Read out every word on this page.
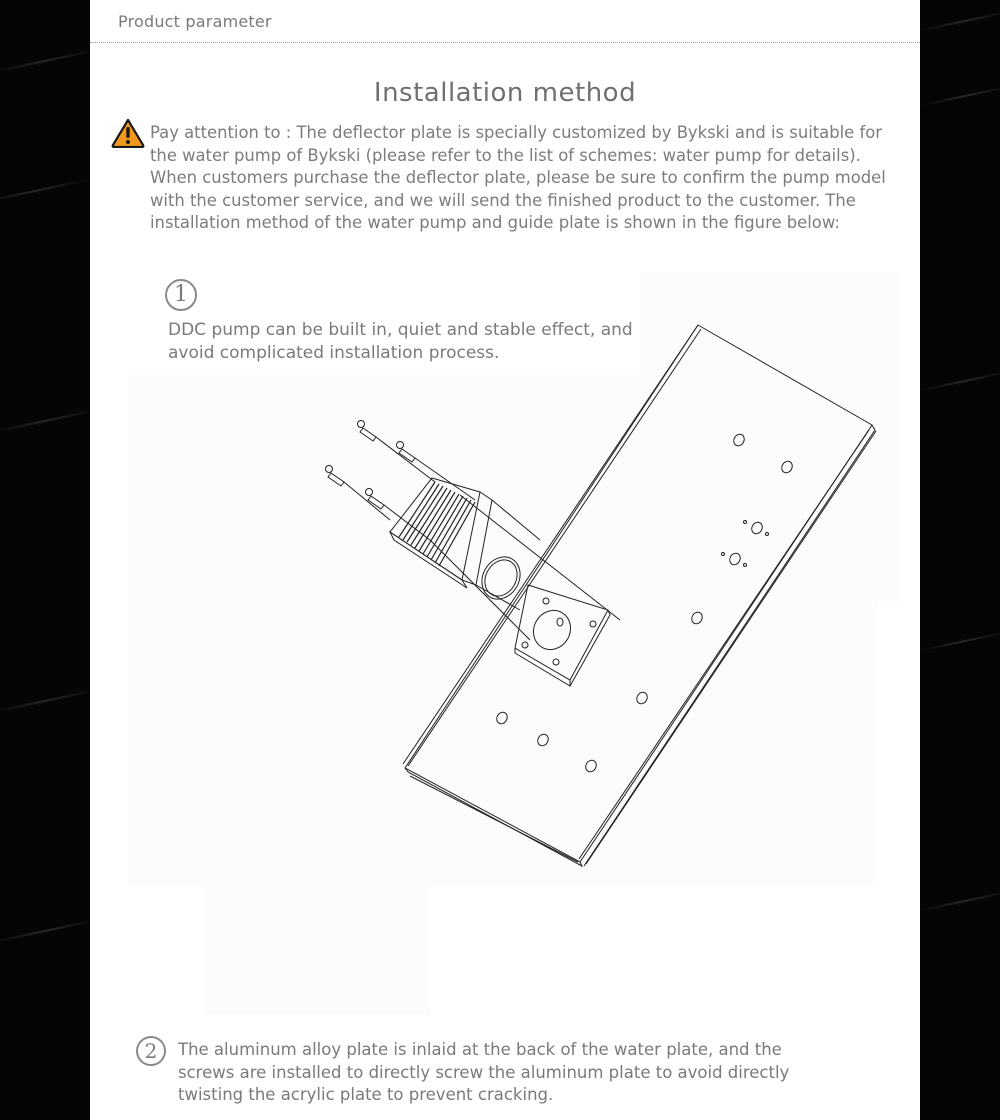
Product parameter
Installation method
Pay attention to : The deflector plate is specially customized by Bykski and is suitable for the water pump of Bykski (please refer to the list of schemes: water pump for details). When customers purchase the deflector plate, please be sure to confirm the pump model with the customer service, and we will send the finished product to the customer. The installation method of the water pump and guide plate is shown in the figure below:
1
DDC pump can be built in, quiet and stable effect, and avoid complicated installation process.
2	The aluminum alloy plate is inlaid at the back of the water plate, and the screws are installed to directly screw the aluminum plate to avoid directly twisting the acrylic plate to prevent cracking.
